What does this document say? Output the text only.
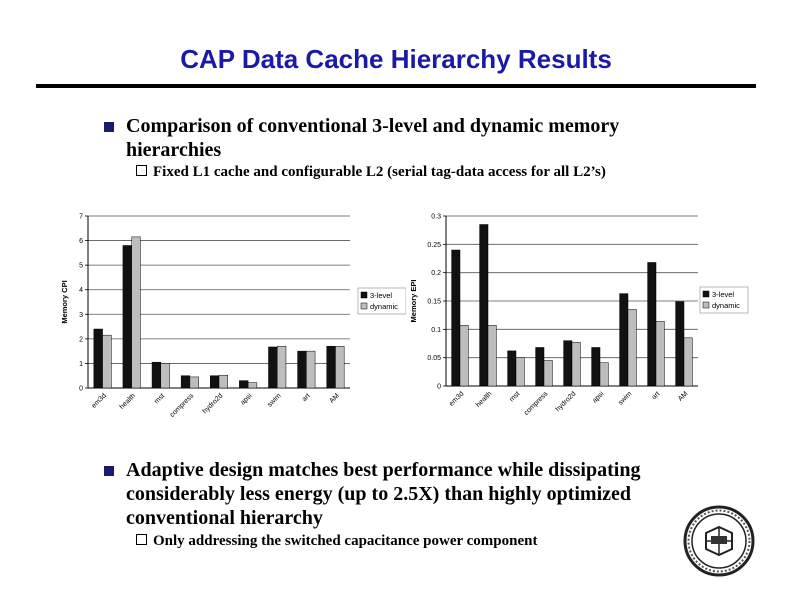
CAP Data Cache Hierarchy Results
Comparison of conventional 3-level and dynamic memory hierarchies
Fixed L1 cache and configurable L2 (serial tag-data access for all L2’s)
0
1
2
3
4
5
6
7
Memory CPI
em3d health mst compress hydro2d apsi swim	art AM
3-level
dynamic
0
0.05
0.1
0.15
0.2
0.25
0.3
Memory EPI
em3d health mst compress hydro2d apsi swim art AM
3-level
dynamic
Adaptive design matches best performance while dissipating considerably less energy (up to 2.5X) than highly optimized conventional hierarchy
Only addressing the switched capacitance power component
